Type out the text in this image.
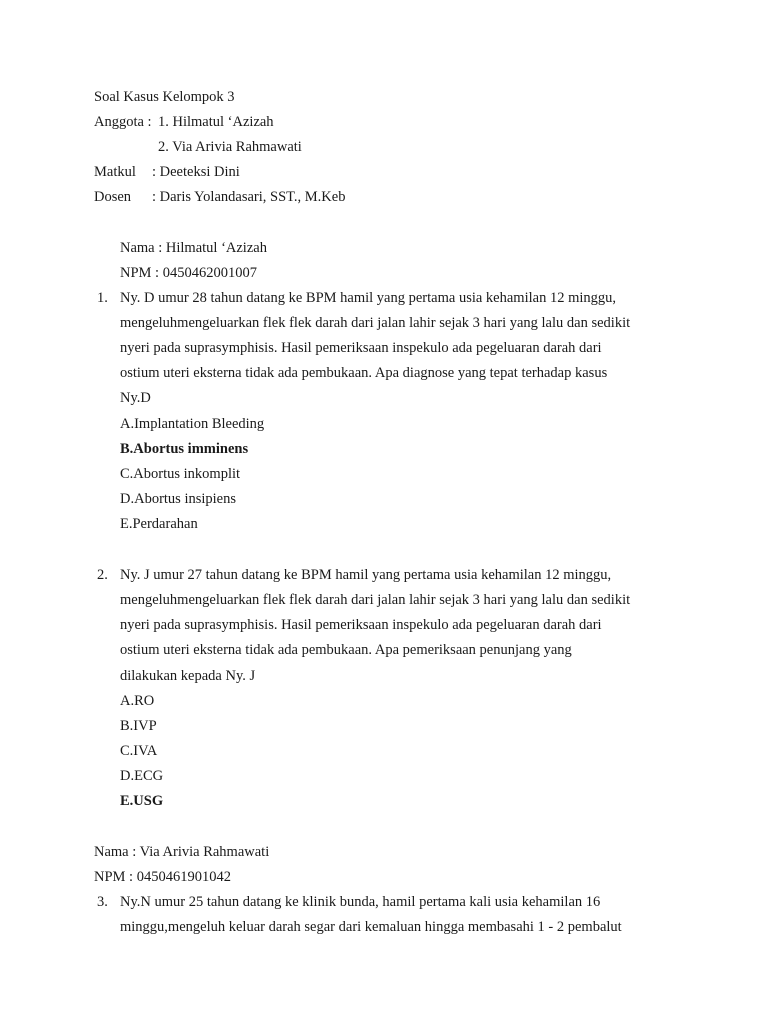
Soal Kasus Kelompok 3
Anggota : 1. Hilmatul ‘Azizah
2. Via Arivia Rahmawati
Matkul : Deeteksi Dini
Dosen : Daris Yolandasari, SST., M.Keb
Nama : Hilmatul ‘Azizah
NPM : 0450462001007
1. Ny. D umur 28 tahun datang ke BPM hamil yang pertama usia kehamilan 12 minggu,
mengeluhmengeluarkan flek flek darah dari jalan lahir sejak 3 hari yang lalu dan sedikit
nyeri pada suprasymphisis. Hasil pemeriksaan inspekulo ada pegeluaran darah dari
ostium uteri eksterna tidak ada pembukaan. Apa diagnose yang tepat terhadap kasus
Ny.D
A.Implantation Bleeding
B.Abortus imminens
C.Abortus inkomplit
D.Abortus insipiens
E.Perdarahan
2. Ny. J umur 27 tahun datang ke BPM hamil yang pertama usia kehamilan 12 minggu,
mengeluhmengeluarkan flek flek darah dari jalan lahir sejak 3 hari yang lalu dan sedikit
nyeri pada suprasymphisis. Hasil pemeriksaan inspekulo ada pegeluaran darah dari
ostium uteri eksterna tidak ada pembukaan. Apa pemeriksaan penunjang yang
dilakukan kepada Ny. J
A.RO
B.IVP
C.IVA
D.ECG
E.USG
Nama : Via Arivia Rahmawati
NPM : 0450461901042
3. Ny.N umur 25 tahun datang ke klinik bunda, hamil pertama kali usia kehamilan 16
minggu,mengeluh keluar darah segar dari kemaluan hingga membasahi 1 - 2 pembalut
